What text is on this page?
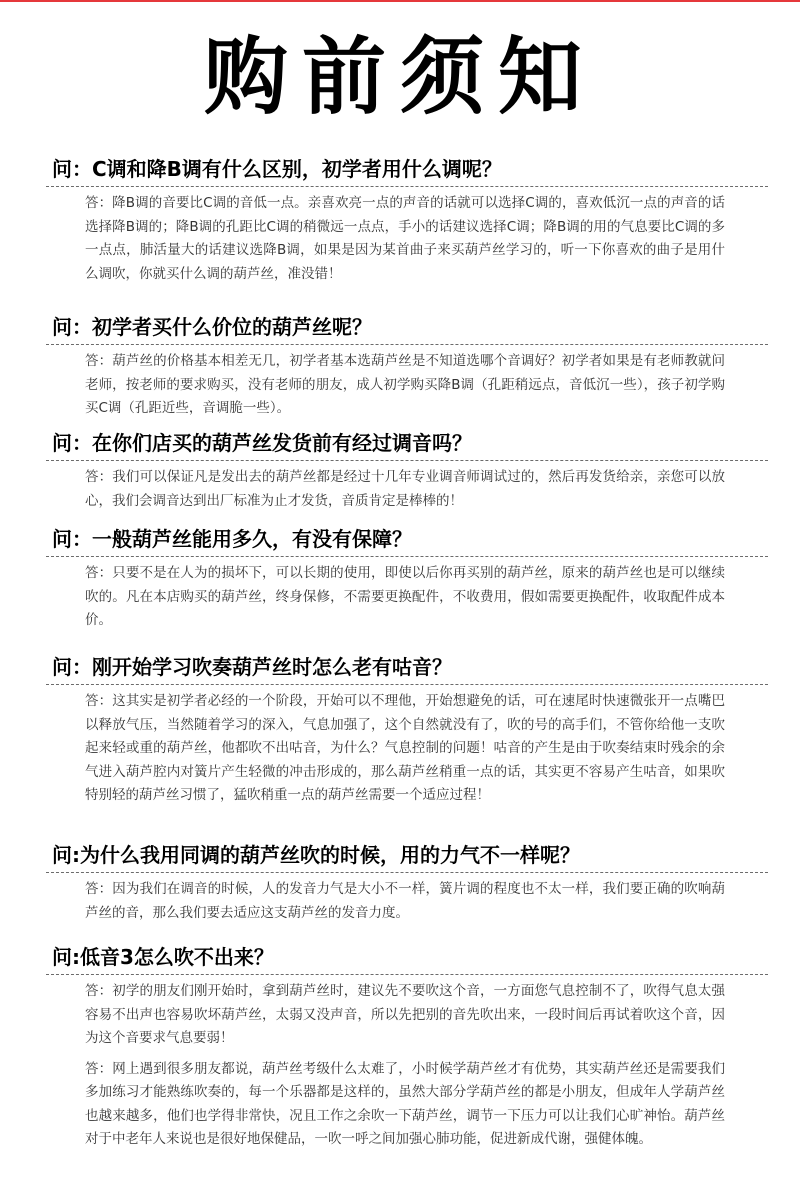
购前须知
问：C调和降B调有什么区别，初学者用什么调呢？

答：降B调的音要比C调的音低一点。亲喜欢亮一点的声音的话就可以选择C调的，喜欢低沉一点的声音的话选择降B调的；降B调的孔距比C调的稍微远一点点，手小的话建议选择C调；降B调的用的气息要比C调的多一点点，肺活量大的话建议选降B调，如果是因为某首曲子来买葫芦丝学习的，听一下你喜欢的曲子是用什么调吹，你就买什么调的葫芦丝，准没错！

问：初学者买什么价位的葫芦丝呢？

答：葫芦丝的价格基本相差无几，初学者基本选葫芦丝是不知道选哪个音调好？初学者如果是有老师教就问老师，按老师的要求购买，没有老师的朋友，成人初学购买降B调（孔距稍远点，音低沉一些），孩子初学购买C调（孔距近些，音调脆一些）。

问：在你们店买的葫芦丝发货前有经过调音吗？

答：我们可以保证凡是发出去的葫芦丝都是经过十几年专业调音师调试过的，然后再发货给亲，亲您可以放心，我们会调音达到出厂标准为止才发货，音质肯定是棒棒的！

问：一般葫芦丝能用多久，有没有保障？

答：只要不是在人为的损坏下，可以长期的使用，即使以后你再买别的葫芦丝，原来的葫芦丝也是可以继续吹的。凡在本店购买的葫芦丝，终身保修，不需要更换配件，不收费用，假如需要更换配件，收取配件成本价。

问：刚开始学习吹奏葫芦丝时怎么老有咕音？

答：这其实是初学者必经的一个阶段，开始可以不理他，开始想避免的话，可在速尾时快速微张开一点嘴巴以释放气压，当然随着学习的深入，气息加强了，这个自然就没有了，吹的号的高手们，不管你给他一支吹起来轻或重的葫芦丝，他都吹不出咕音，为什么？气息控制的问题！咕音的产生是由于吹奏结束时残余的余气进入葫芦腔内对簧片产生轻微的冲击形成的，那么葫芦丝稍重一点的话，其实更不容易产生咕音，如果吹特别轻的葫芦丝习惯了，猛吹稍重一点的葫芦丝需要一个适应过程！

问:为什么我用同调的葫芦丝吹的时候，用的力气不一样呢？

答：因为我们在调音的时候，人的发音力气是大小不一样，簧片调的程度也不太一样，我们要正确的吹响葫芦丝的音，那么我们要去适应这支葫芦丝的发音力度。

问:低音3怎么吹不出来？

答：初学的朋友们刚开始时，拿到葫芦丝时，建议先不要吹这个音，一方面您气息控制不了，吹得气息太强容易不出声也容易吹坏葫芦丝，太弱又没声音，所以先把别的音先吹出来，一段时间后再试着吹这个音，因为这个音要求气息要弱！

答：网上遇到很多朋友都说，葫芦丝考级什么太难了，小时候学葫芦丝才有优势，其实葫芦丝还是需要我们多加练习才能熟练吹奏的，每一个乐器都是这样的，虽然大部分学葫芦丝的都是小朋友，但成年人学葫芦丝也越来越多，他们也学得非常快，况且工作之余吹一下葫芦丝，调节一下压力可以让我们心旷神怡。葫芦丝对于中老年人来说也是很好地保健品，一吹一呼之间加强心肺功能，促进新成代谢，强健体魄。
